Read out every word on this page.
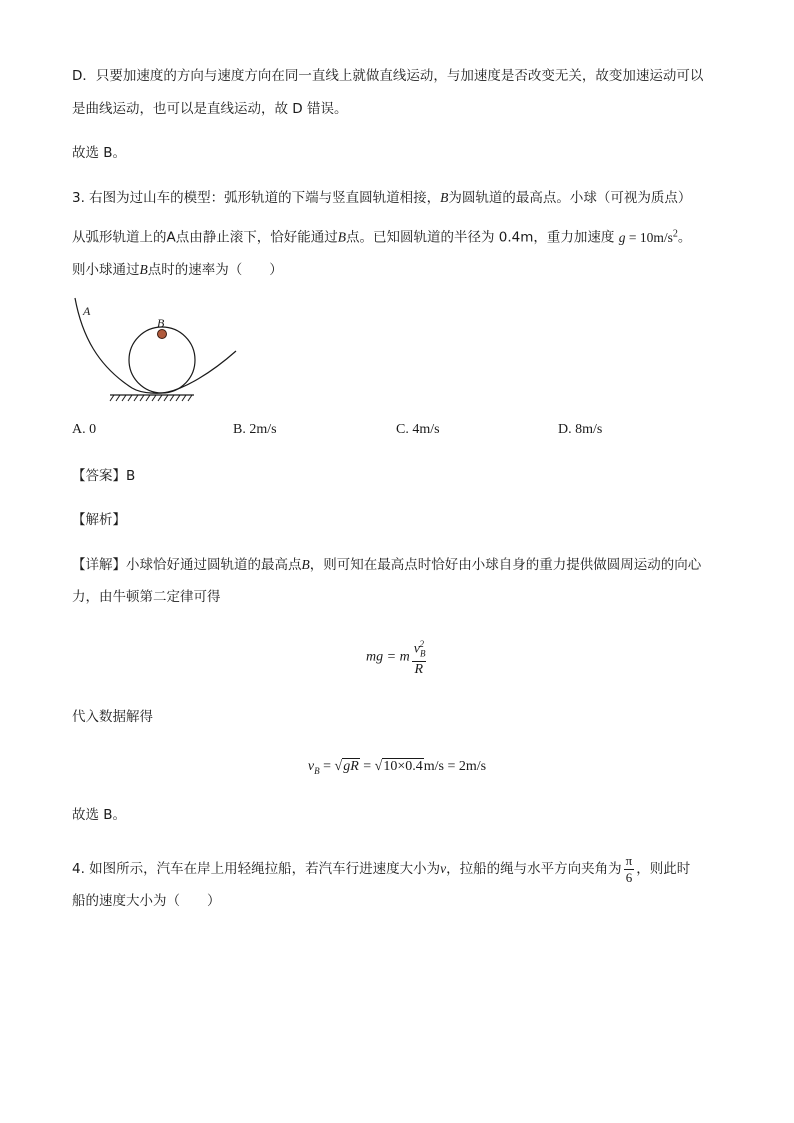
D．只要加速度的方向与速度方向在同一直线上就做直线运动，与加速度是否改变无关，故变加速运动可以
是曲线运动，也可以是直线运动，故 D 错误。
故选 B。
3. 右图为过山车的模型：弧形轨道的下端与竖直圆轨道相接，B为圆轨道的最高点。小球（可视为质点）
从弧形轨道上的A点由静止滚下，恰好能通过B点。已知圆轨道的半径为 0.4m，重力加速度 $g = 10m/s^2$。
则小球通过B点时的速率为（　　）
A
B
A. 0	B. 2m/s	C. 4m/s	D. 8m/s
【答案】B
【解析】
【详解】小球恰好通过圆轨道的最高点B，则可知在最高点时恰好由小球自身的重力提供做圆周运动的向心
力，由牛顿第二定律可得
mg = m $\frac{v_B^2}{R}$
代入数据解得
$v_B = √gR = √10\times 0.4m/s = 2m/s$
故选 B。
4. 如图所示，汽车在岸上用轻绳拉船，若汽车行进速度大小为v，拉船的绳与水平方向夹角为 $\frac{\pi}{6}$ ，则此时
船的速度大小为（　　）
